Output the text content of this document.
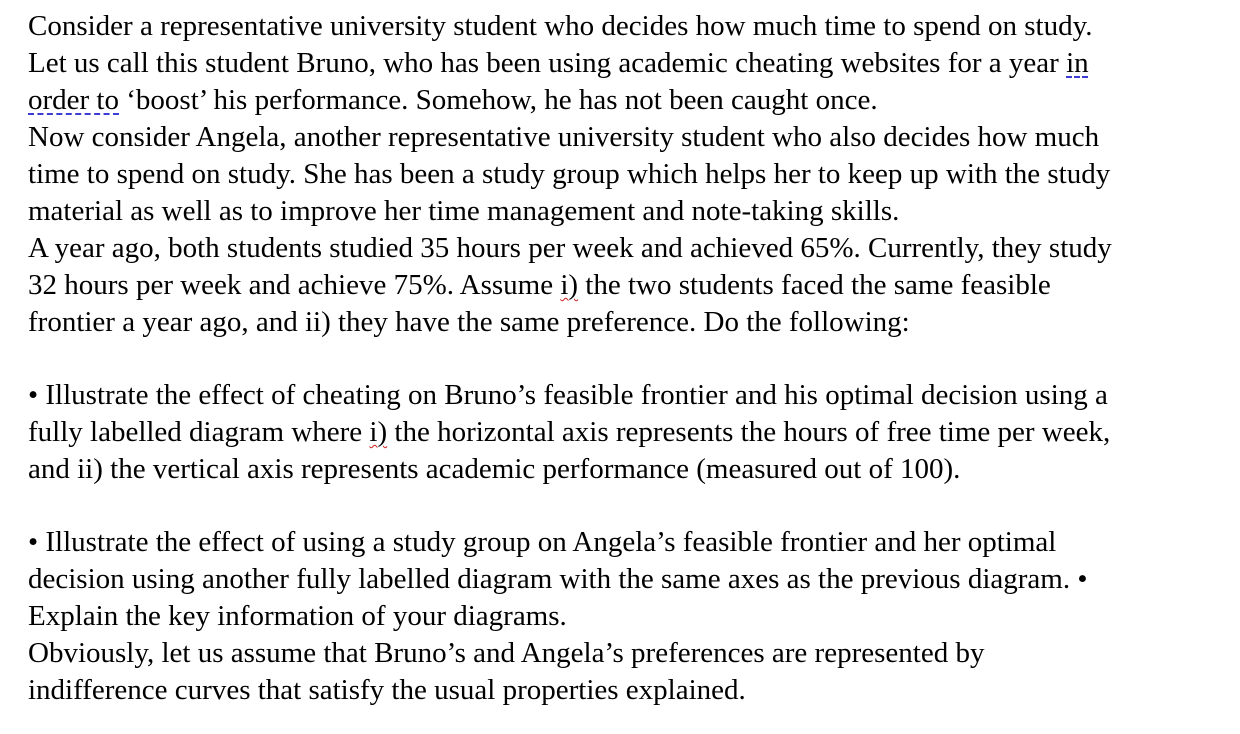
Consider a representative university student who decides how much time to spend on study.
Let us call this student Bruno, who has been using academic cheating websites for a year in
order to ‘boost’ his performance. Somehow, he has not been caught once.
Now consider Angela, another representative university student who also decides how much
time to spend on study. She has been a study group which helps her to keep up with the study
material as well as to improve her time management and note-taking skills.
A year ago, both students studied 35 hours per week and achieved 65%. Currently, they study
32 hours per week and achieve 75%. Assume i) the two students faced the same feasible
frontier a year ago, and ii) they have the same preference. Do the following:
• Illustrate the effect of cheating on Bruno’s feasible frontier and his optimal decision using a
fully labelled diagram where i) the horizontal axis represents the hours of free time per week,
and ii) the vertical axis represents academic performance (measured out of 100).
• Illustrate the effect of using a study group on Angela’s feasible frontier and her optimal
decision using another fully labelled diagram with the same axes as the previous diagram. •
Explain the key information of your diagrams.
Obviously, let us assume that Bruno’s and Angela’s preferences are represented by
indifference curves that satisfy the usual properties explained.
